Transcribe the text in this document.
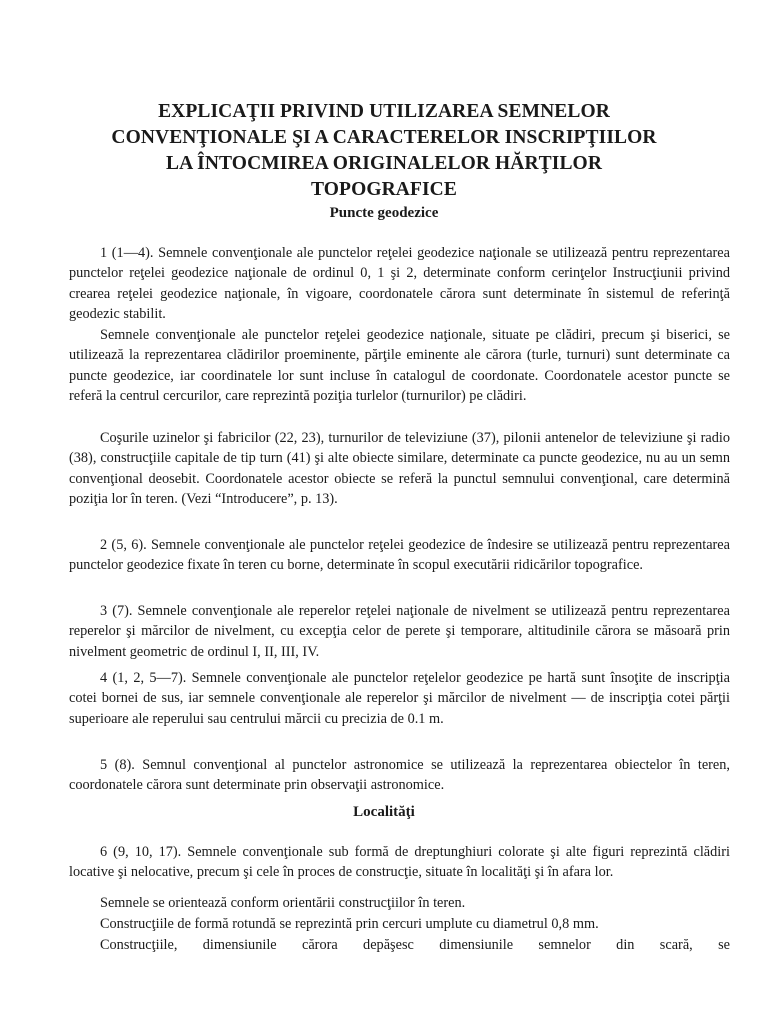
EXPLICAŢII PRIVIND UTILIZAREA SEMNELOR
CONVENŢIONALE ŞI A CARACTERELOR INSCRIPŢIILOR
LA ÎNTOCMIREA ORIGINALELOR HĂRŢILOR
TOPOGRAFICE
Puncte geodezice
1 (1—4). Semnele convenţionale ale punctelor reţelei geodezice naţionale se utilizează pentru reprezentarea punctelor reţelei geodezice naţionale de ordinul 0, 1 şi 2, determinate conform cerinţelor Instrucţiunii privind crearea reţelei geodezice naţionale, în vigoare, coordonatele cărora sunt determinate în sistemul de referinţă geodezic stabilit.
Semnele convenţionale ale punctelor reţelei geodezice naţionale, situate pe clădiri, precum şi biserici, se utilizează la reprezentarea clădirilor proeminente, părţile eminente ale cărora (turle, turnuri) sunt determinate ca puncte geodezice, iar coordinatele lor sunt incluse în catalogul de coordonate. Coordonatele acestor puncte se referă la centrul cercurilor, care reprezintă poziţia turlelor (turnurilor) pe clădiri.
Coşurile uzinelor şi fabricilor (22, 23), turnurilor de televiziune (37), pilonii antenelor de televiziune şi radio (38), construcţiile capitale de tip turn (41) şi alte obiecte similare, determinate ca puncte geodezice, nu au un semn convenţional deosebit. Coordonatele acestor obiecte se referă la punctul semnului convenţional, care determină poziţia lor în teren. (Vezi “Introducere”, p. 13).
2 (5, 6). Semnele convenţionale ale punctelor reţelei geodezice de îndesire se utilizează pentru reprezentarea punctelor geodezice fixate în teren cu borne, determinate în scopul executării ridicărilor topografice.
3 (7). Semnele convenţionale ale reperelor reţelei naţionale de nivelment se utilizează pentru reprezentarea reperelor şi mărcilor de nivelment, cu excepţia celor de perete şi temporare, altitudinile cărora se măsoară prin nivelment geometric de ordinul I, II, III, IV.
4 (1, 2, 5—7). Semnele convenţionale ale punctelor reţelelor geodezice pe hartă sunt însoţite de inscripţia cotei bornei de sus, iar semnele convenţionale ale reperelor şi mărcilor de nivelment — de inscripţia cotei părţii superioare ale reperului sau centrului mărcii cu precizia de 0.1 m.
5 (8). Semnul convenţional al punctelor astronomice se utilizează la reprezentarea obiectelor în teren, coordonatele cărora sunt determinate prin observaţii astronomice.
Localităţi
6 (9, 10, 17). Semnele convenţionale sub formă de dreptunghiuri colorate şi alte figuri reprezintă clădiri locative şi nelocative, precum şi cele în proces de construcţie, situate în localităţi şi în afara lor.
Semnele se orientează conform orientării construcţiilor în teren.
Construcţiile de formă rotundă se reprezintă prin cercuri umplute cu diametrul 0,8 mm.
Construcţiile, dimensiunile cărora depăşesc dimensiunile semnelor din scară, se
